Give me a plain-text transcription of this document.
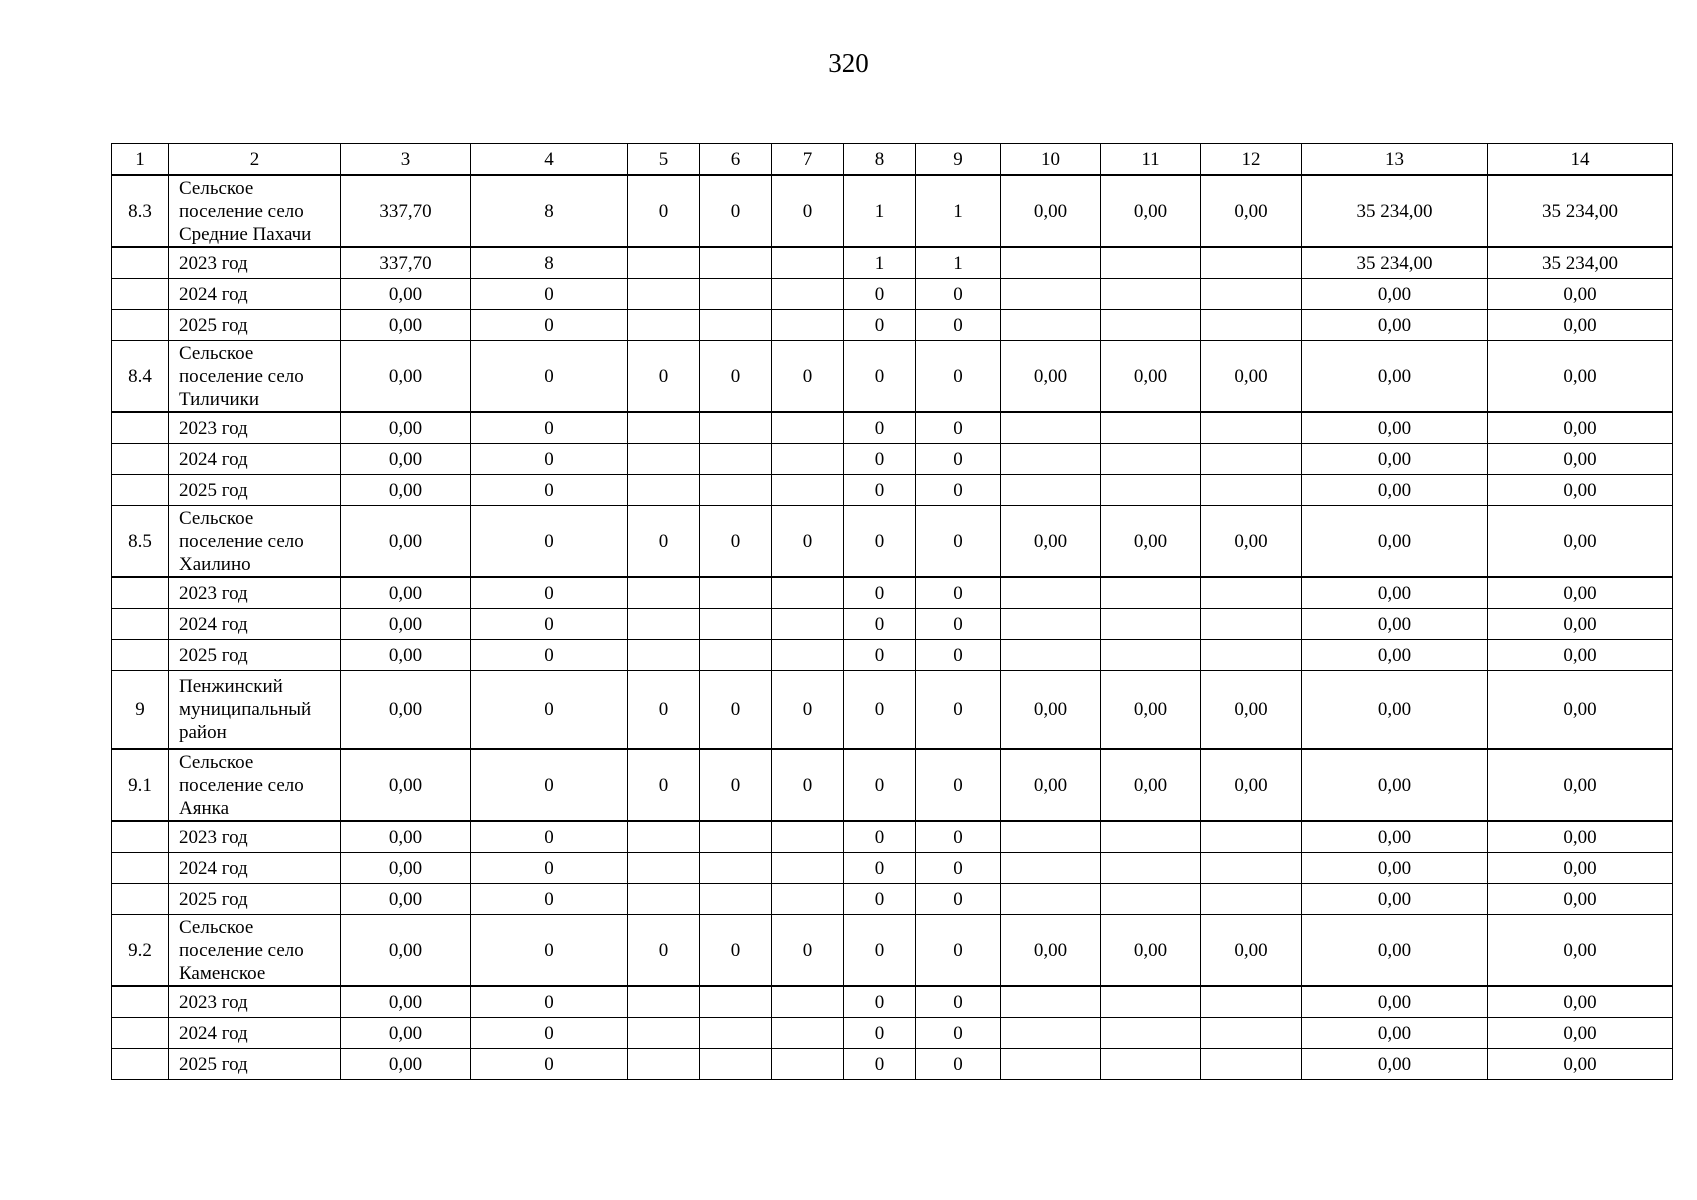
320
1	2	3	4	5	6	7	8	9	10	11	12	13	14
8.3	Сельское поселение село Средние Пахачи	337,70	8	0	0	0	1	1	0,00	0,00	0,00	35 234,00	35 234,00
	2023 год	337,70	8				1	1				35 234,00	35 234,00
	2024 год	0,00	0				0	0				0,00	0,00
	2025 год	0,00	0				0	0				0,00	0,00
8.4	Сельское поселение село Тиличики	0,00	0	0	0	0	0	0	0,00	0,00	0,00	0,00	0,00
	2023 год	0,00	0				0	0				0,00	0,00
	2024 год	0,00	0				0	0				0,00	0,00
	2025 год	0,00	0				0	0				0,00	0,00
8.5	Сельское поселение село Хаилино	0,00	0	0	0	0	0	0	0,00	0,00	0,00	0,00	0,00
	2023 год	0,00	0				0	0				0,00	0,00
	2024 год	0,00	0				0	0				0,00	0,00
	2025 год	0,00	0				0	0				0,00	0,00
9	Пенжинский муниципальный район	0,00	0	0	0	0	0	0	0,00	0,00	0,00	0,00	0,00
9.1	Сельское поселение село Аянка	0,00	0	0	0	0	0	0	0,00	0,00	0,00	0,00	0,00
	2023 год	0,00	0				0	0				0,00	0,00
	2024 год	0,00	0				0	0				0,00	0,00
	2025 год	0,00	0				0	0				0,00	0,00
9.2	Сельское поселение село Каменское	0,00	0	0	0	0	0	0	0,00	0,00	0,00	0,00	0,00
	2023 год	0,00	0				0	0				0,00	0,00
	2024 год	0,00	0				0	0				0,00	0,00
	2025 год	0,00	0				0	0				0,00	0,00
